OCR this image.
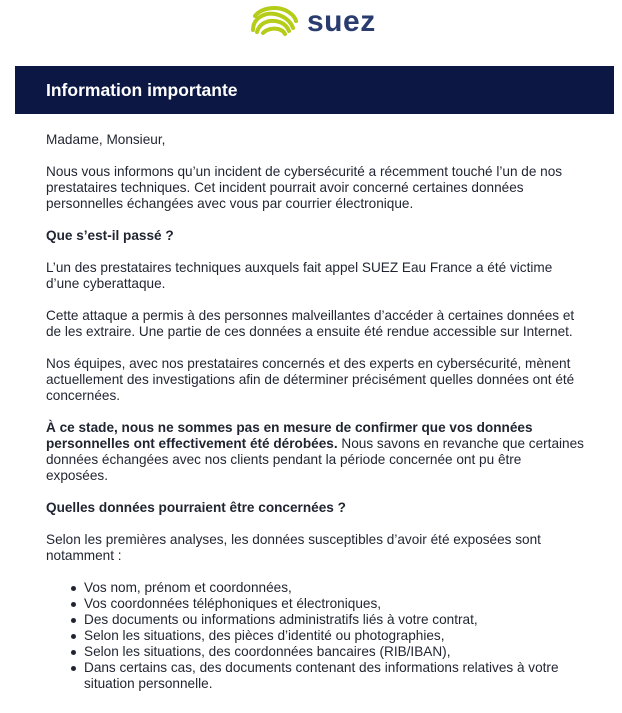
suez
Information importante

Madame, Monsieur,

Nous vous informons qu’un incident de cybersécurité a récemment touché l’un de nos prestataires techniques. Cet incident pourrait avoir concerné certaines données personnelles échangées avec vous par courrier électronique.

Que s’est-il passé ?

L’un des prestataires techniques auxquels fait appel SUEZ Eau France a été victime d’une cyberattaque.

Cette attaque a permis à des personnes malveillantes d’accéder à certaines données et de les extraire. Une partie de ces données a ensuite été rendue accessible sur Internet.

Nos équipes, avec nos prestataires concernés et des experts en cybersécurité, mènent actuellement des investigations afin de déterminer précisément quelles données ont été concernées.

À ce stade, nous ne sommes pas en mesure de confirmer que vos données personnelles ont effectivement été dérobées. Nous savons en revanche que certaines données échangées avec nos clients pendant la période concernée ont pu être exposées.

Quelles données pourraient être concernées ?

Selon les premières analyses, les données susceptibles d’avoir été exposées sont notamment :

Vos nom, prénom et coordonnées,
Vos coordonnées téléphoniques et électroniques,
Des documents ou informations administratifs liés à votre contrat,
Selon les situations, des pièces d’identité ou photographies,
Selon les situations, des coordonnées bancaires (RIB/IBAN),
Dans certains cas, des documents contenant des informations relatives à votre situation personnelle.
